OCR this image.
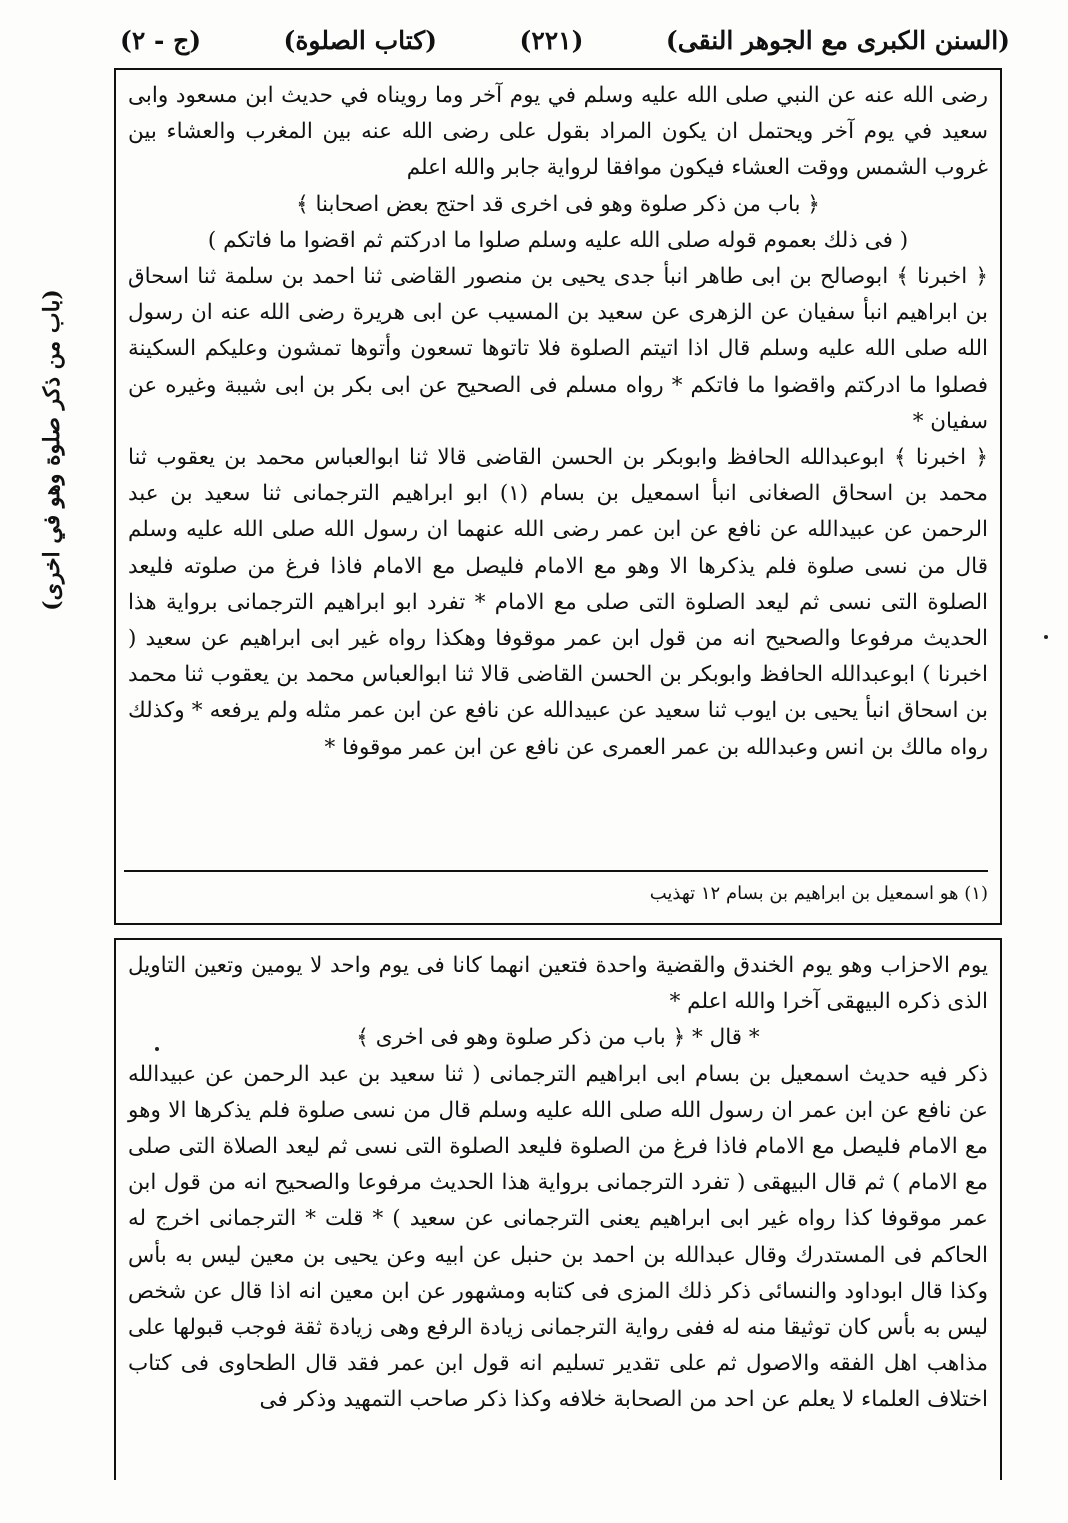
(السنن الكبرى مع الجوهر النقى)
(٢٢١)
(كتاب الصلوة)
(ج - ٢)
(باب من ذكر صلوة وهو في اخرى)

رضى الله عنه عن النبي صلى الله عليه وسلم في يوم آخر وما رويناه في حديث ابن مسعود وابى سعيد في يوم آخر ويحتمل ان يكون المراد بقول على رضى الله عنه بين المغرب والعشاء بين غروب الشمس ووقت العشاء فيكون موافقا لرواية جابر والله اعلم

﴿ باب من ذكر صلوة وهو فى اخرى قد احتج بعض اصحابنا ﴾

( فى ذلك بعموم قوله صلى الله عليه وسلم صلوا ما ادركتم ثم اقضوا ما فاتكم )

﴿ اخبرنا ﴾ ابوصالح بن ابى طاهر انبأ جدى يحيى بن منصور القاضى ثنا احمد بن سلمة ثنا اسحاق بن ابراهيم انبأ سفيان عن الزهرى عن سعيد بن المسيب عن ابى هريرة رضى الله عنه ان رسول الله صلى الله عليه وسلم قال اذا اتيتم الصلوة فلا تاتوها تسعون وأتوها تمشون وعليكم السكينة فصلوا ما ادركتم واقضوا ما فاتكم * رواه مسلم فى الصحيح عن ابى بكر بن ابى شيبة وغيره عن سفيان *

﴿ اخبرنا ﴾ ابوعبدالله الحافظ وابوبكر بن الحسن القاضى قالا ثنا ابوالعباس محمد بن يعقوب ثنا محمد بن اسحاق الصغانى انبأ اسمعيل بن بسام (١) ابو ابراهيم الترجمانى ثنا سعيد بن عبد الرحمن عن عبيدالله عن نافع عن ابن عمر رضى الله عنهما ان رسول الله صلى الله عليه وسلم قال من نسى صلوة فلم يذكرها الا وهو مع الامام فليصل مع الامام فاذا فرغ من صلوته فليعد الصلوة التى نسى ثم ليعد الصلوة التى صلى مع الامام * تفرد ابو ابراهيم الترجمانى برواية هذا الحديث مرفوعا والصحيح انه من قول ابن عمر موقوفا وهكذا رواه غير ابى ابراهيم عن سعيد ( اخبرنا ) ابوعبدالله الحافظ وابوبكر بن الحسن القاضى قالا ثنا ابوالعباس محمد بن يعقوب ثنا محمد بن اسحاق انبأ يحيى بن ايوب ثنا سعيد عن عبيدالله عن نافع عن ابن عمر مثله ولم يرفعه * وكذلك رواه مالك بن انس وعبدالله بن عمر العمرى عن نافع عن ابن عمر موقوفا *

(١) هو اسمعيل بن ابراهيم بن بسام ١٢ تهذيب

يوم الاحزاب وهو يوم الخندق والقضية واحدة فتعين انهما كانا فى يوم واحد لا يومين وتعين التاويل الذى ذكره البيهقى آخرا والله اعلم *

* قال * ﴿ باب من ذكر صلوة وهو فى اخرى ﴾

ذكر فيه حديث اسمعيل بن بسام ابى ابراهيم الترجمانى ( ثنا سعيد بن عبد الرحمن عن عبيدالله عن نافع عن ابن عمر ان رسول الله صلى الله عليه وسلم قال من نسى صلوة فلم يذكرها الا وهو مع الامام فليصل مع الامام فاذا فرغ من الصلوة فليعد الصلوة التى نسى ثم ليعد الصلاة التى صلى مع الامام ) ثم قال البيهقى ( تفرد الترجمانى برواية هذا الحديث مرفوعا والصحيح انه من قول ابن عمر موقوفا كذا رواه غير ابى ابراهيم يعنى الترجمانى عن سعيد ) * قلت * الترجمانى اخرج له الحاكم فى المستدرك وقال عبدالله بن احمد بن حنبل عن ابيه وعن يحيى بن معين ليس به بأس وكذا قال ابوداود والنسائى ذكر ذلك المزى فى كتابه ومشهور عن ابن معين انه اذا قال عن شخص ليس به بأس كان توثيقا منه له ففى رواية الترجمانى زيادة الرفع وهى زيادة ثقة فوجب قبولها على مذاهب اهل الفقه والاصول ثم على تقدير تسليم انه قول ابن عمر فقد قال الطحاوى فى كتاب اختلاف العلماء لا يعلم عن احد من الصحابة خلافه وكذا ذكر صاحب التمهيد وذكر فى
